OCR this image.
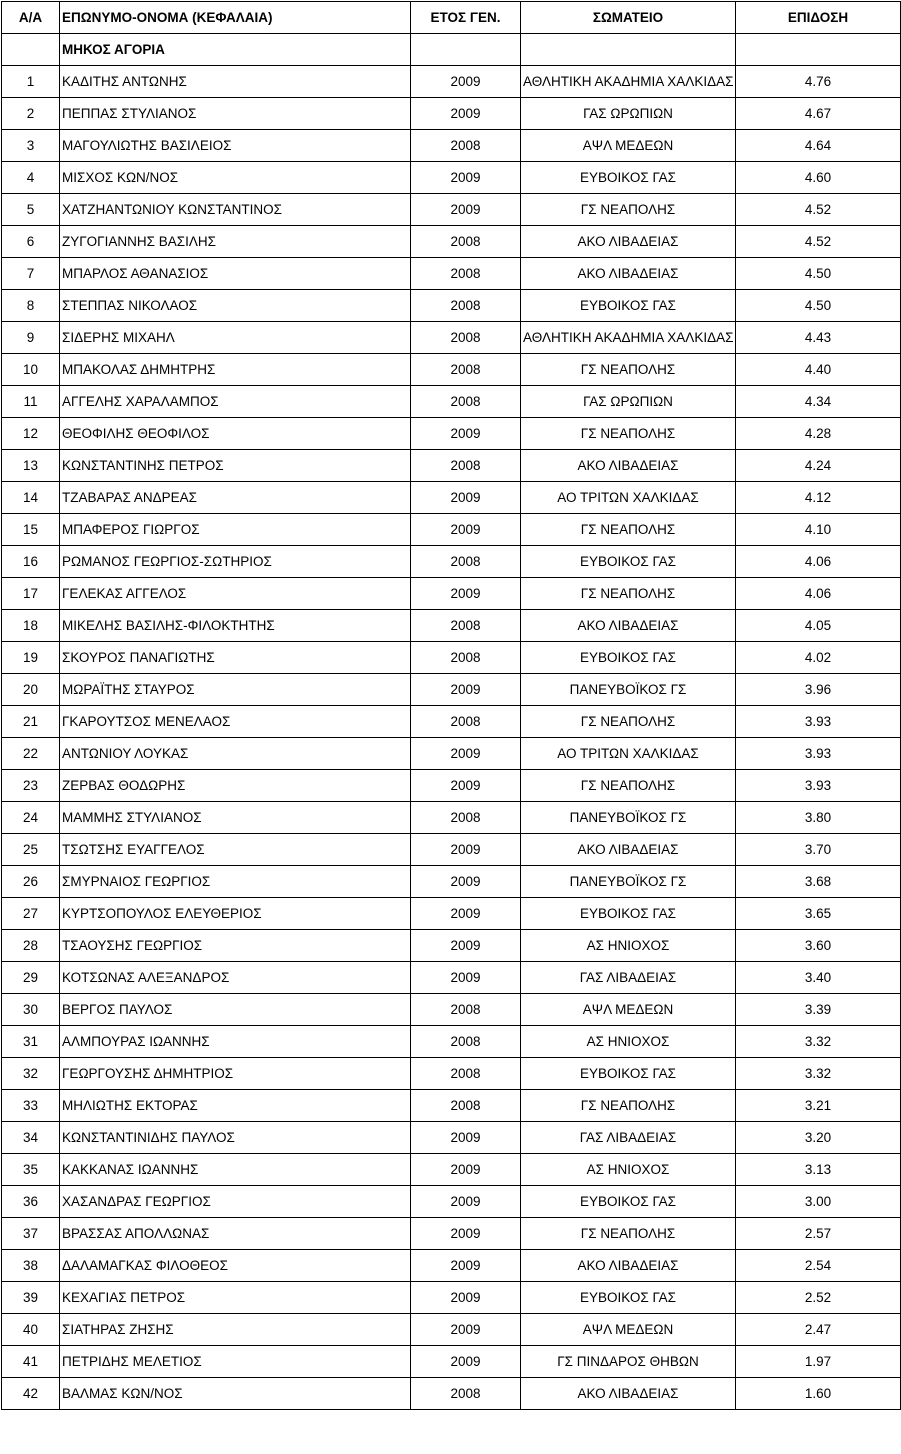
Α/Α	ΕΠΩΝΥΜΟ-ΟΝΟΜΑ (ΚΕΦΑΛΑΙΑ)	ΕΤΟΣ ΓΕΝ.	ΣΩΜΑΤΕΙΟ	ΕΠΙΔΟΣΗ
	ΜΗΚΟΣ ΑΓΟΡΙΑ			
1	ΚΑΔΙΤΗΣ ΑΝΤΩΝΗΣ	2009	ΑΘΛΗΤΙΚΗ ΑΚΑΔΗΜΙΑ ΧΑΛΚΙΔΑΣ	4.76
2	ΠΕΠΠΑΣ ΣΤΥΛΙΑΝΟΣ	2009	ΓΑΣ ΩΡΩΠΙΩΝ	4.67
3	ΜΑΓΟΥΛΙΩΤΗΣ ΒΑΣΙΛΕΙΟΣ	2008	ΑΨΛ ΜΕΔΕΩΝ	4.64
4	ΜΙΣΧΟΣ ΚΩΝ/ΝΟΣ	2009	ΕΥΒΟΙΚΟΣ ΓΑΣ	4.60
5	ΧΑΤΖΗΑΝΤΩΝΙΟΥ ΚΩΝΣΤΑΝΤΙΝΟΣ	2009	ΓΣ ΝΕΑΠΟΛΗΣ	4.52
6	ΖΥΓΟΓΙΑΝΝΗΣ ΒΑΣΙΛΗΣ	2008	ΑΚΟ ΛΙΒΑΔΕΙΑΣ	4.52
7	ΜΠΑΡΛΟΣ ΑΘΑΝΑΣΙΟΣ	2008	ΑΚΟ ΛΙΒΑΔΕΙΑΣ	4.50
8	ΣΤΕΠΠΑΣ ΝΙΚΟΛΑΟΣ	2008	ΕΥΒΟΙΚΟΣ ΓΑΣ	4.50
9	ΣΙΔΕΡΗΣ ΜΙΧΑΗΛ	2008	ΑΘΛΗΤΙΚΗ ΑΚΑΔΗΜΙΑ ΧΑΛΚΙΔΑΣ	4.43
10	ΜΠΑΚΟΛΑΣ ΔΗΜΗΤΡΗΣ	2008	ΓΣ ΝΕΑΠΟΛΗΣ	4.40
11	ΑΓΓΕΛΗΣ ΧΑΡΑΛΑΜΠΟΣ	2008	ΓΑΣ ΩΡΩΠΙΩΝ	4.34
12	ΘΕΟΦΙΛΗΣ ΘΕΟΦΙΛΟΣ	2009	ΓΣ ΝΕΑΠΟΛΗΣ	4.28
13	ΚΩΝΣΤΑΝΤΙΝΗΣ ΠΕΤΡΟΣ	2008	ΑΚΟ ΛΙΒΑΔΕΙΑΣ	4.24
14	ΤΖΑΒΑΡΑΣ ΑΝΔΡΕΑΣ	2009	ΑΟ ΤΡΙΤΩΝ ΧΑΛΚΙΔΑΣ	4.12
15	ΜΠΑΦΕΡΟΣ ΓΙΩΡΓΟΣ	2009	ΓΣ ΝΕΑΠΟΛΗΣ	4.10
16	ΡΩΜΑΝΟΣ ΓΕΩΡΓΙΟΣ-ΣΩΤΗΡΙΟΣ	2008	ΕΥΒΟΙΚΟΣ ΓΑΣ	4.06
17	ΓΕΛΕΚΑΣ ΑΓΓΕΛΟΣ	2009	ΓΣ ΝΕΑΠΟΛΗΣ	4.06
18	ΜΙΚΕΛΗΣ ΒΑΣΙΛΗΣ-ΦΙΛΟΚΤΗΤΗΣ	2008	ΑΚΟ ΛΙΒΑΔΕΙΑΣ	4.05
19	ΣΚΟΥΡΟΣ ΠΑΝΑΓΙΩΤΗΣ	2008	ΕΥΒΟΙΚΟΣ ΓΑΣ	4.02
20	ΜΩΡΑΪΤΗΣ ΣΤΑΥΡΟΣ	2009	ΠΑΝΕΥΒΟΪΚΟΣ ΓΣ	3.96
21	ΓΚΑΡΟΥΤΣΟΣ ΜΕΝΕΛΑΟΣ	2008	ΓΣ ΝΕΑΠΟΛΗΣ	3.93
22	ΑΝΤΩΝΙΟΥ ΛΟΥΚΑΣ	2009	ΑΟ ΤΡΙΤΩΝ ΧΑΛΚΙΔΑΣ	3.93
23	ΖΕΡΒΑΣ ΘΟΔΩΡΗΣ	2009	ΓΣ ΝΕΑΠΟΛΗΣ	3.93
24	ΜΑΜΜΗΣ ΣΤΥΛΙΑΝΟΣ	2008	ΠΑΝΕΥΒΟΪΚΟΣ ΓΣ	3.80
25	ΤΣΩΤΣΗΣ ΕΥΑΓΓΕΛΟΣ	2009	ΑΚΟ ΛΙΒΑΔΕΙΑΣ	3.70
26	ΣΜΥΡΝΑΙΟΣ ΓΕΩΡΓΙΟΣ	2009	ΠΑΝΕΥΒΟΪΚΟΣ ΓΣ	3.68
27	ΚΥΡΤΣΟΠΟΥΛΟΣ ΕΛΕΥΘΕΡΙΟΣ	2009	ΕΥΒΟΙΚΟΣ ΓΑΣ	3.65
28	ΤΣΑΟΥΣΗΣ ΓΕΩΡΓΙΟΣ	2009	ΑΣ ΗΝΙΟΧΟΣ	3.60
29	ΚΟΤΣΩΝΑΣ ΑΛΕΞΑΝΔΡΟΣ	2009	ΓΑΣ ΛΙΒΑΔΕΙΑΣ	3.40
30	ΒΕΡΓΟΣ ΠΑΥΛΟΣ	2008	ΑΨΛ ΜΕΔΕΩΝ	3.39
31	ΑΛΜΠΟΥΡΑΣ ΙΩΑΝΝΗΣ	2008	ΑΣ ΗΝΙΟΧΟΣ	3.32
32	ΓΕΩΡΓΟΥΣΗΣ ΔΗΜΗΤΡΙΟΣ	2008	ΕΥΒΟΙΚΟΣ ΓΑΣ	3.32
33	ΜΗΛΙΩΤΗΣ ΕΚΤΟΡΑΣ	2008	ΓΣ ΝΕΑΠΟΛΗΣ	3.21
34	ΚΩΝΣΤΑΝΤΙΝΙΔΗΣ ΠΑΥΛΟΣ	2009	ΓΑΣ ΛΙΒΑΔΕΙΑΣ	3.20
35	ΚΑΚΚΑΝΑΣ ΙΩΑΝΝΗΣ	2009	ΑΣ ΗΝΙΟΧΟΣ	3.13
36	ΧΑΣΑΝΔΡΑΣ ΓΕΩΡΓΙΟΣ	2009	ΕΥΒΟΙΚΟΣ ΓΑΣ	3.00
37	ΒΡΑΣΣΑΣ ΑΠΟΛΛΩΝΑΣ	2009	ΓΣ ΝΕΑΠΟΛΗΣ	2.57
38	ΔΑΛΑΜΑΓΚΑΣ ΦΙΛΟΘΕΟΣ	2009	ΑΚΟ ΛΙΒΑΔΕΙΑΣ	2.54
39	ΚΕΧΑΓΙΑΣ ΠΕΤΡΟΣ	2009	ΕΥΒΟΙΚΟΣ ΓΑΣ	2.52
40	ΣΙΑΤΗΡΑΣ ΖΗΣΗΣ	2009	ΑΨΛ ΜΕΔΕΩΝ	2.47
41	ΠΕΤΡΙΔΗΣ ΜΕΛΕΤΙΟΣ	2009	ΓΣ ΠΙΝΔΑΡΟΣ ΘΗΒΩΝ	1.97
42	ΒΑΛΜΑΣ ΚΩΝ/ΝΟΣ	2008	ΑΚΟ ΛΙΒΑΔΕΙΑΣ	1.60
